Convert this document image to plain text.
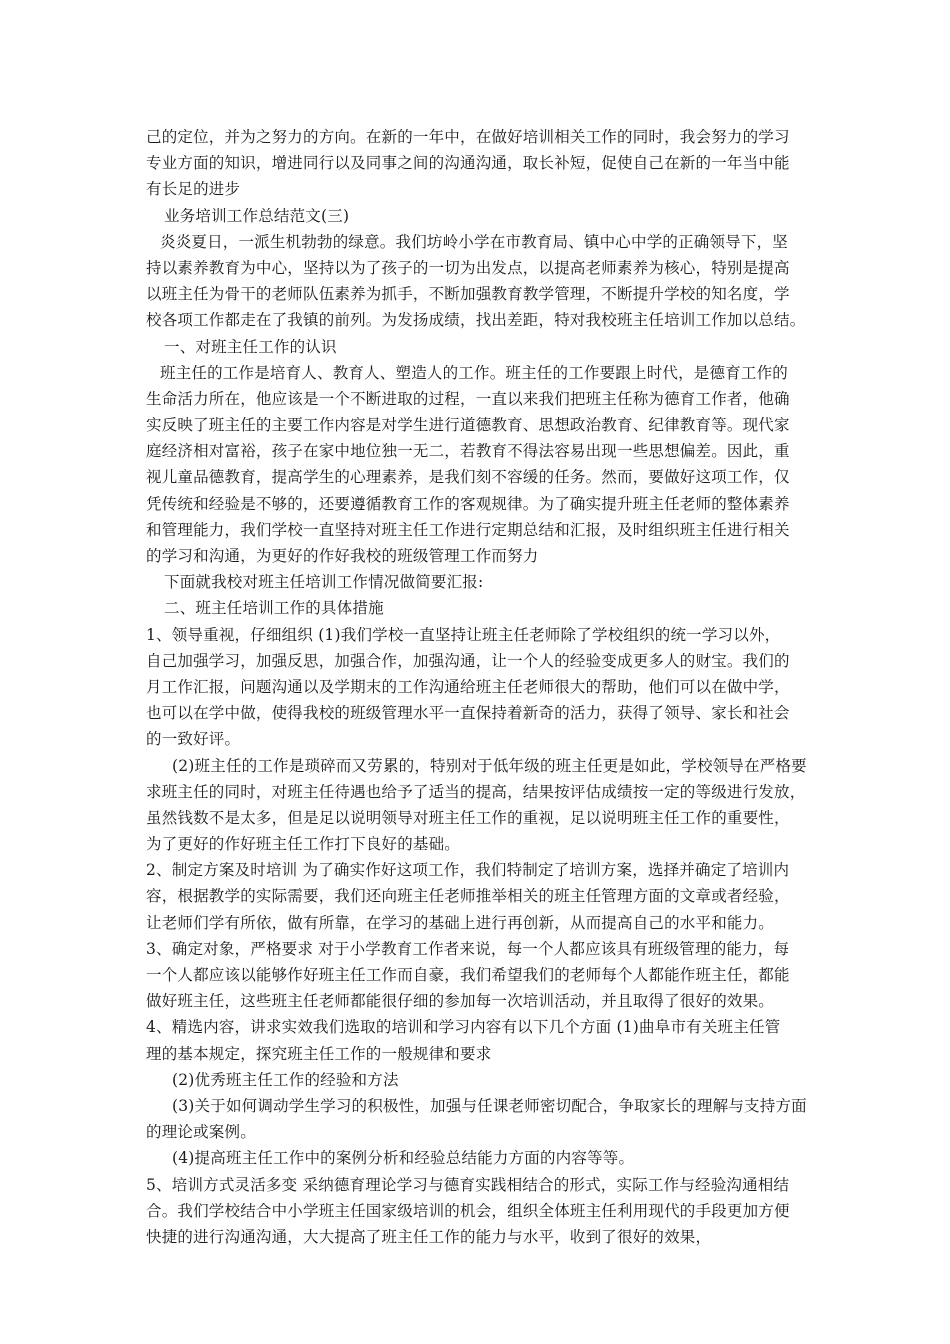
己的定位，并为之努力的方向。在新的一年中，在做好培训相关工作的同时，我会努力的学习
专业方面的知识，增进同行以及同事之间的沟通沟通，取长补短，促使自己在新的一年当中能
有长足的进步
业务培训工作总结范文(三)
炎炎夏日，一派生机勃勃的绿意。我们坊岭小学在市教育局、镇中心中学的正确领导下，坚
持以素养教育为中心，坚持以为了孩子的一切为出发点，以提高老师素养为核心，特别是提高
以班主任为骨干的老师队伍素养为抓手，不断加强教育教学管理，不断提升学校的知名度，学
校各项工作都走在了我镇的前列。为发扬成绩，找出差距，特对我校班主任培训工作加以总结。
一、对班主任工作的认识
班主任的工作是培育人、教育人、塑造人的工作。班主任的工作要跟上时代，是德育工作的
生命活力所在，他应该是一个不断进取的过程，一直以来我们把班主任称为德育工作者，他确
实反映了班主任的主要工作内容是对学生进行道德教育、思想政治教育、纪律教育等。现代家
庭经济相对富裕，孩子在家中地位独一无二，若教育不得法容易出现一些思想偏差。因此，重
视儿童品德教育，提高学生的心理素养，是我们刻不容缓的任务。然而，要做好这项工作，仅
凭传统和经验是不够的，还要遵循教育工作的客观规律。为了确实提升班主任老师的整体素养
和管理能力，我们学校一直坚持对班主任工作进行定期总结和汇报，及时组织班主任进行相关
的学习和沟通，为更好的作好我校的班级管理工作而努力
下面就我校对班主任培训工作情况做简要汇报:
二、班主任培训工作的具体措施
1、领导重视，仔细组织 (1)我们学校一直坚持让班主任老师除了学校组织的统一学习以外，
自己加强学习，加强反思，加强合作，加强沟通，让一个人的经验变成更多人的财宝。我们的
月工作汇报，问题沟通以及学期末的工作沟通给班主任老师很大的帮助，他们可以在做中学，
也可以在学中做，使得我校的班级管理水平一直保持着新奇的活力，获得了领导、家长和社会
的一致好评。
(2)班主任的工作是琐碎而又劳累的，特别对于低年级的班主任更是如此，学校领导在严格要
求班主任的同时，对班主任待遇也给予了适当的提高，结果按评估成绩按一定的等级进行发放，
虽然钱数不是太多，但是足以说明领导对班主任工作的重视，足以说明班主任工作的重要性，
为了更好的作好班主任工作打下良好的基础。
2、制定方案及时培训 为了确实作好这项工作，我们特制定了培训方案，选择并确定了培训内
容，根据教学的实际需要，我们还向班主任老师推举相关的班主任管理方面的文章或者经验，
让老师们学有所依，做有所靠，在学习的基础上进行再创新，从而提高自己的水平和能力。
3、确定对象，严格要求 对于小学教育工作者来说，每一个人都应该具有班级管理的能力，每
一个人都应该以能够作好班主任工作而自豪，我们希望我们的老师每个人都能作班主任，都能
做好班主任，这些班主任老师都能很仔细的参加每一次培训活动，并且取得了很好的效果。
4、精选内容，讲求实效我们选取的培训和学习内容有以下几个方面 (1)曲阜市有关班主任管
理的基本规定，探究班主任工作的一般规律和要求
(2)优秀班主任工作的经验和方法
(3)关于如何调动学生学习的积极性，加强与任课老师密切配合，争取家长的理解与支持方面
的理论或案例。
(4)提高班主任工作中的案例分析和经验总结能力方面的内容等等。
5、培训方式灵活多变 采纳德育理论学习与德育实践相结合的形式，实际工作与经验沟通相结
合。我们学校结合中小学班主任国家级培训的机会，组织全体班主任利用现代的手段更加方便
快捷的进行沟通沟通，大大提高了班主任工作的能力与水平，收到了很好的效果，
